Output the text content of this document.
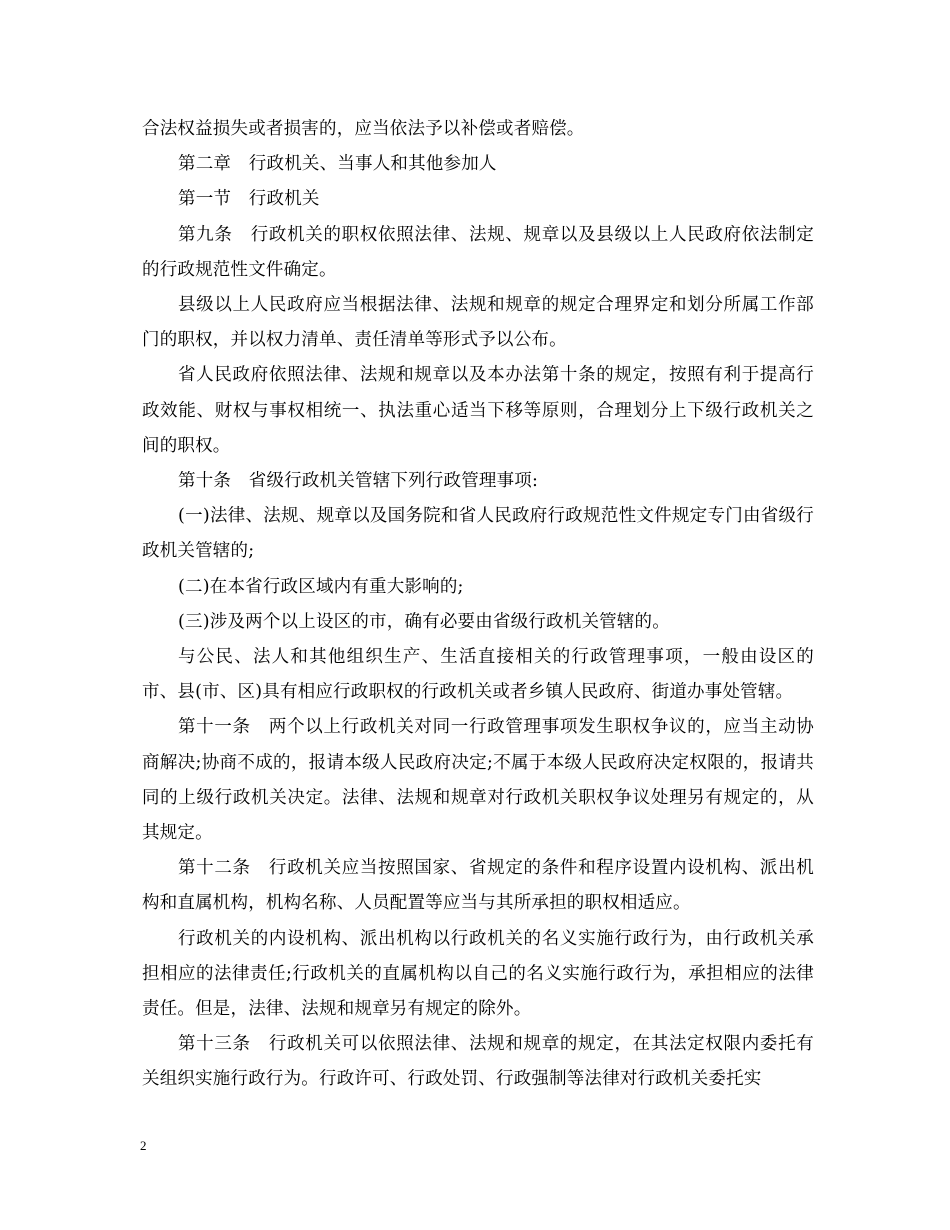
合法权益损失或者损害的，应当依法予以补偿或者赔偿。

第二章　行政机关、当事人和其他参加人

第一节　行政机关

第九条　行政机关的职权依照法律、法规、规章以及县级以上人民政府依法制定的行政规范性文件确定。

县级以上人民政府应当根据法律、法规和规章的规定合理界定和划分所属工作部门的职权，并以权力清单、责任清单等形式予以公布。

省人民政府依照法律、法规和规章以及本办法第十条的规定，按照有利于提高行政效能、财权与事权相统一、执法重心适当下移等原则，合理划分上下级行政机关之间的职权。

第十条　省级行政机关管辖下列行政管理事项:

(一)法律、法规、规章以及国务院和省人民政府行政规范性文件规定专门由省级行政机关管辖的;

(二)在本省行政区域内有重大影响的;

(三)涉及两个以上设区的市，确有必要由省级行政机关管辖的。

与公民、法人和其他组织生产、生活直接相关的行政管理事项，一般由设区的市、县(市、区)具有相应行政职权的行政机关或者乡镇人民政府、街道办事处管辖。

第十一条　两个以上行政机关对同一行政管理事项发生职权争议的，应当主动协商解决;协商不成的，报请本级人民政府决定;不属于本级人民政府决定权限的，报请共同的上级行政机关决定。法律、法规和规章对行政机关职权争议处理另有规定的，从其规定。

第十二条　行政机关应当按照国家、省规定的条件和程序设置内设机构、派出机构和直属机构，机构名称、人员配置等应当与其所承担的职权相适应。

行政机关的内设机构、派出机构以行政机关的名义实施行政行为，由行政机关承担相应的法律责任;行政机关的直属机构以自己的名义实施行政行为，承担相应的法律责任。但是，法律、法规和规章另有规定的除外。

第十三条　行政机关可以依照法律、法规和规章的规定，在其法定权限内委托有关组织实施行政行为。行政许可、行政处罚、行政强制等法律对行政机关委托实

2
